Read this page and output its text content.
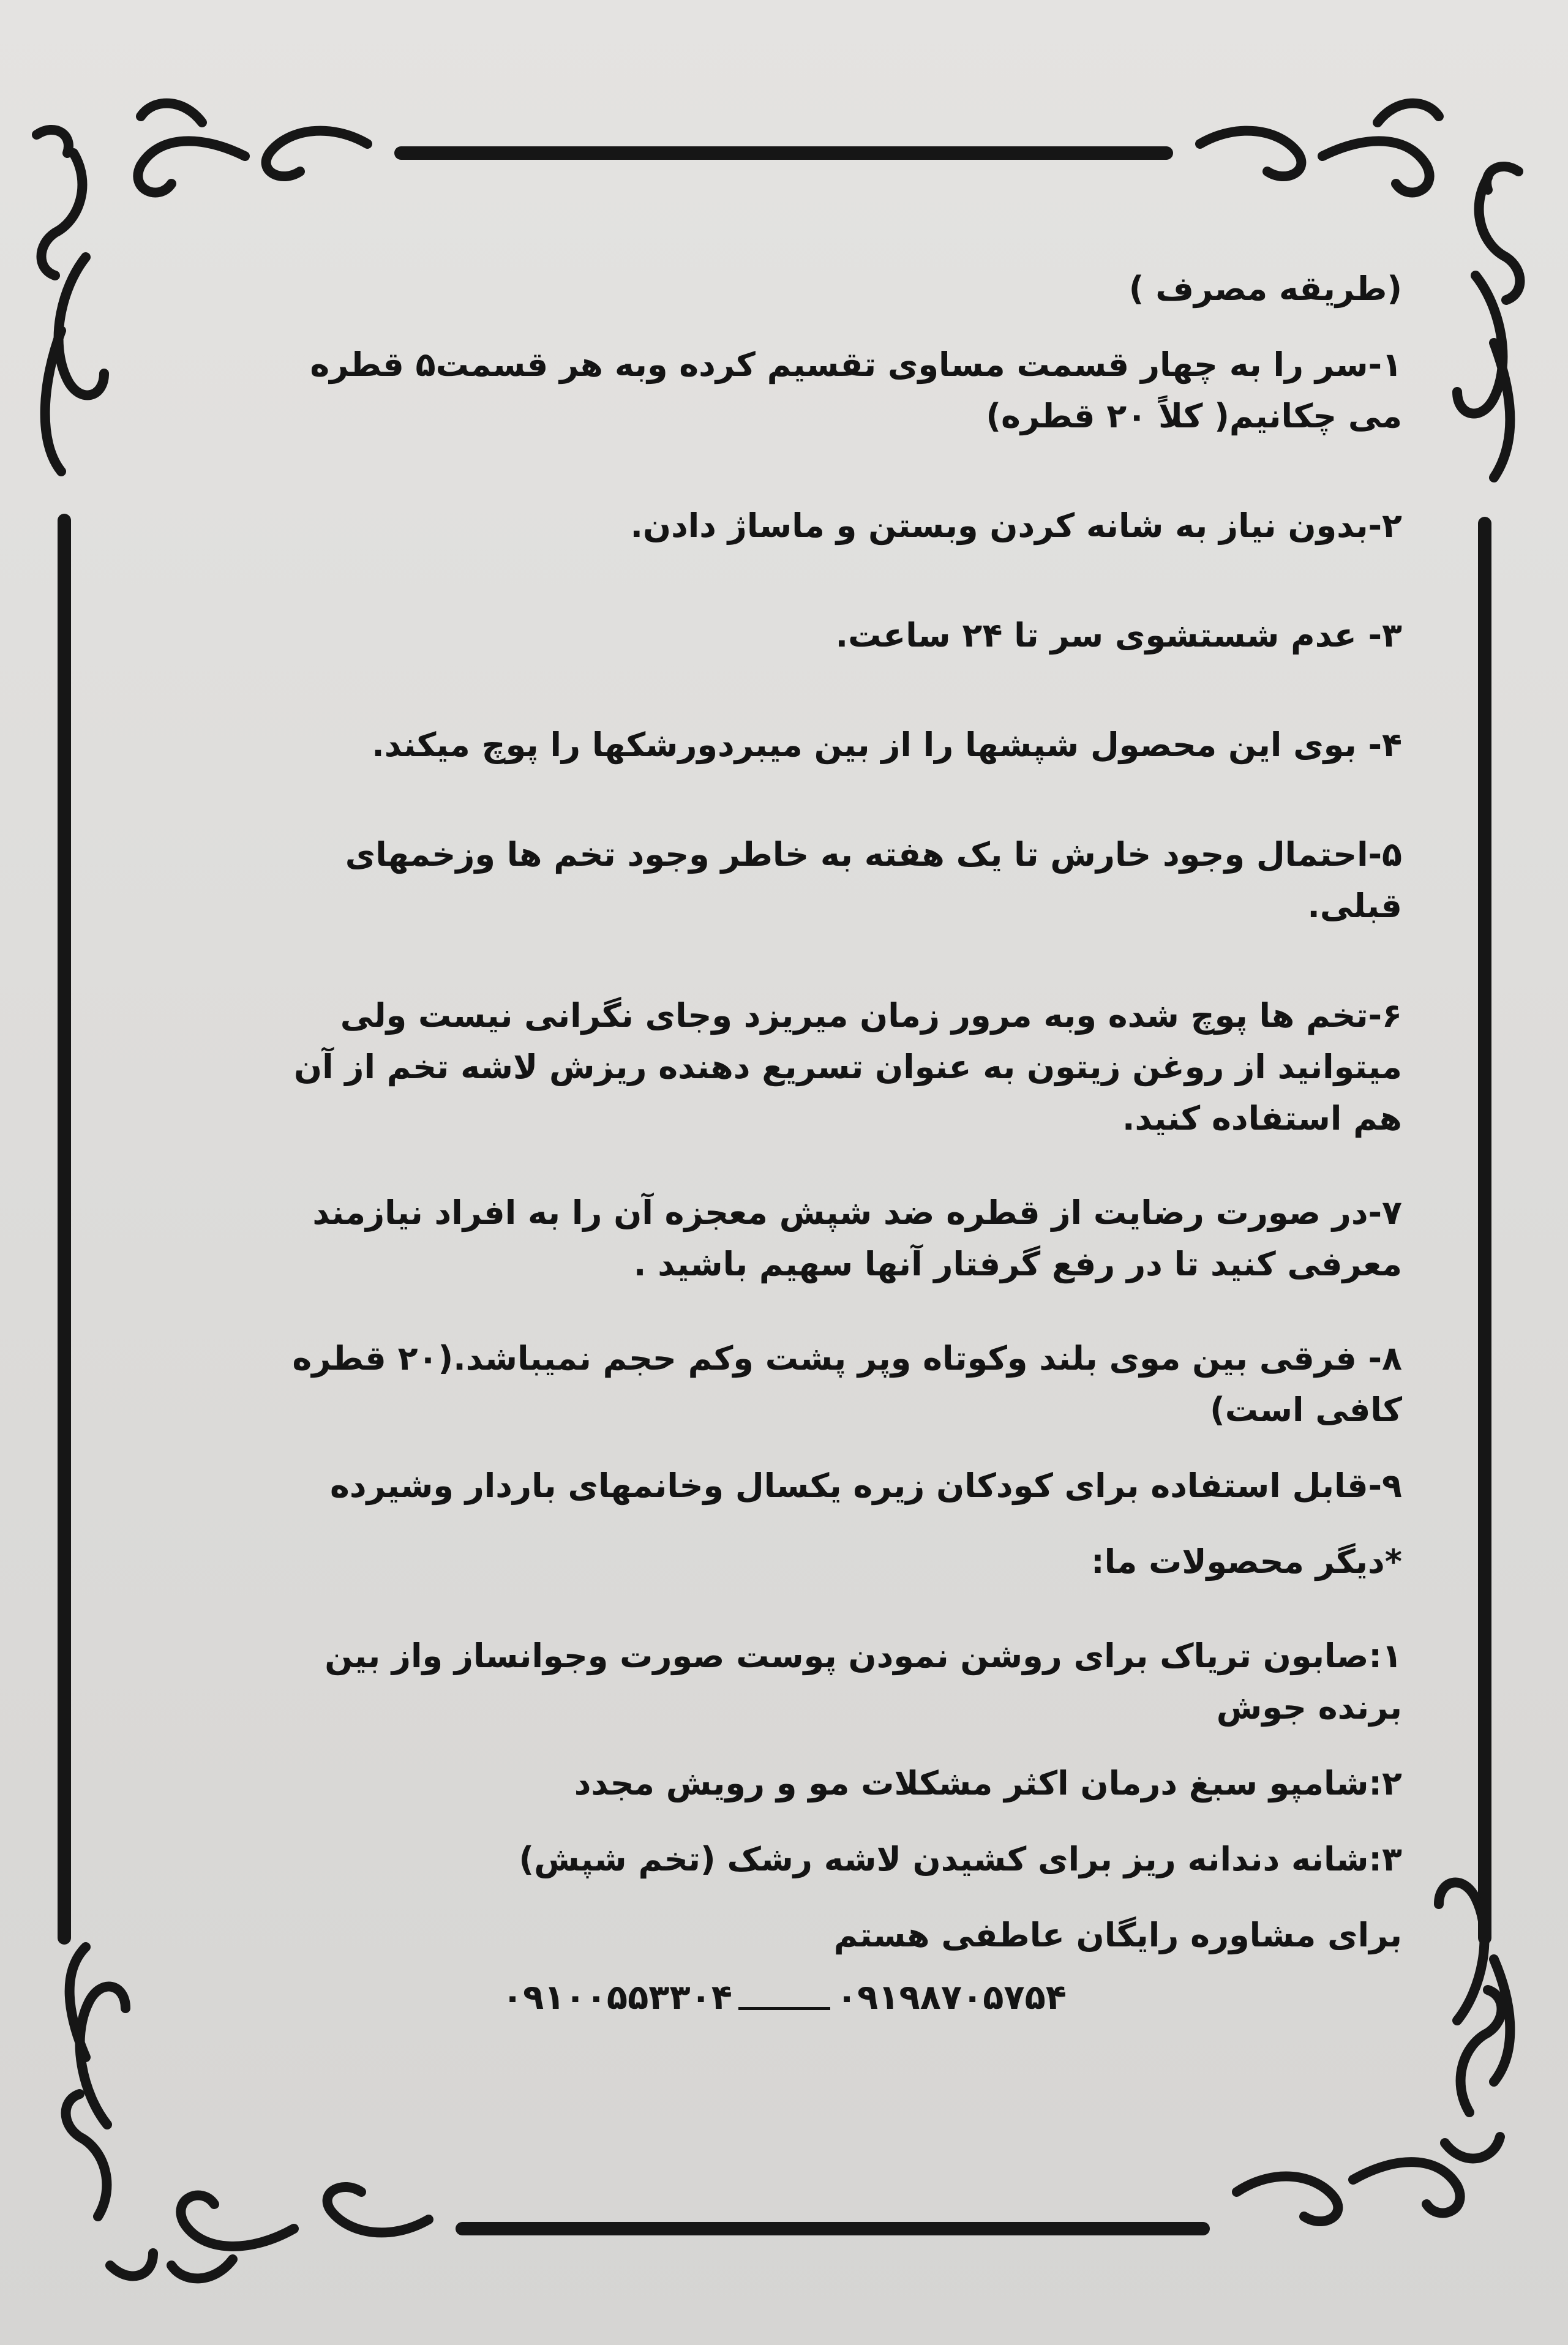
(طریقه مصرف )
۱-سر را به چهار قسمت مساوی تقسیم کرده وبه هر قسمت۵ قطره می چکانیم( کلاً ۲۰ قطره)
۲-بدون نیاز به شانه کردن وبستن و ماساژ دادن.
۳- عدم شستشوی سر تا ۲۴ ساعت.
۴- بوی این محصول شپشها را از بین میبردورشکها را پوچ میکند.
۵-احتمال وجود خارش تا یک هفته به خاطر وجود تخم ها وزخمهای قبلی.
۶-تخم ها پوچ شده وبه مرور زمان میریزد وجای نگرانی نیست ولی میتوانید از روغن زیتون به عنوان تسریع دهنده ریزش لاشه تخم از آن هم استفاده کنید.
۷-در صورت رضایت از قطره ضد شپش معجزه آن را به افراد نیازمند معرفی کنید تا در رفع گرفتار آنها سهیم باشید .
۸- فرقی بین موی بلند وکوتاه وپر پشت وکم حجم نمیباشد.(۲۰ قطره کافی است)
۹-قابل استفاده برای کودکان زیره یکسال وخانمهای باردار وشیرده
*دیگر محصولات ما:
۱:صابون تریاک برای روشن نمودن پوست صورت وجوانساز واز بین برنده جوش
۲:شامپو سبغ درمان اکثر مشکلات مو و رویش مجدد
۳:شانه دندانه ریز برای کشیدن لاشه رشک (تخم شپش)
برای مشاوره رایگان عاطفی هستم
۰۹۱۰۰۵۵۳۳۰۴	۰۹۱۹۸۷۰۵۷۵۴
